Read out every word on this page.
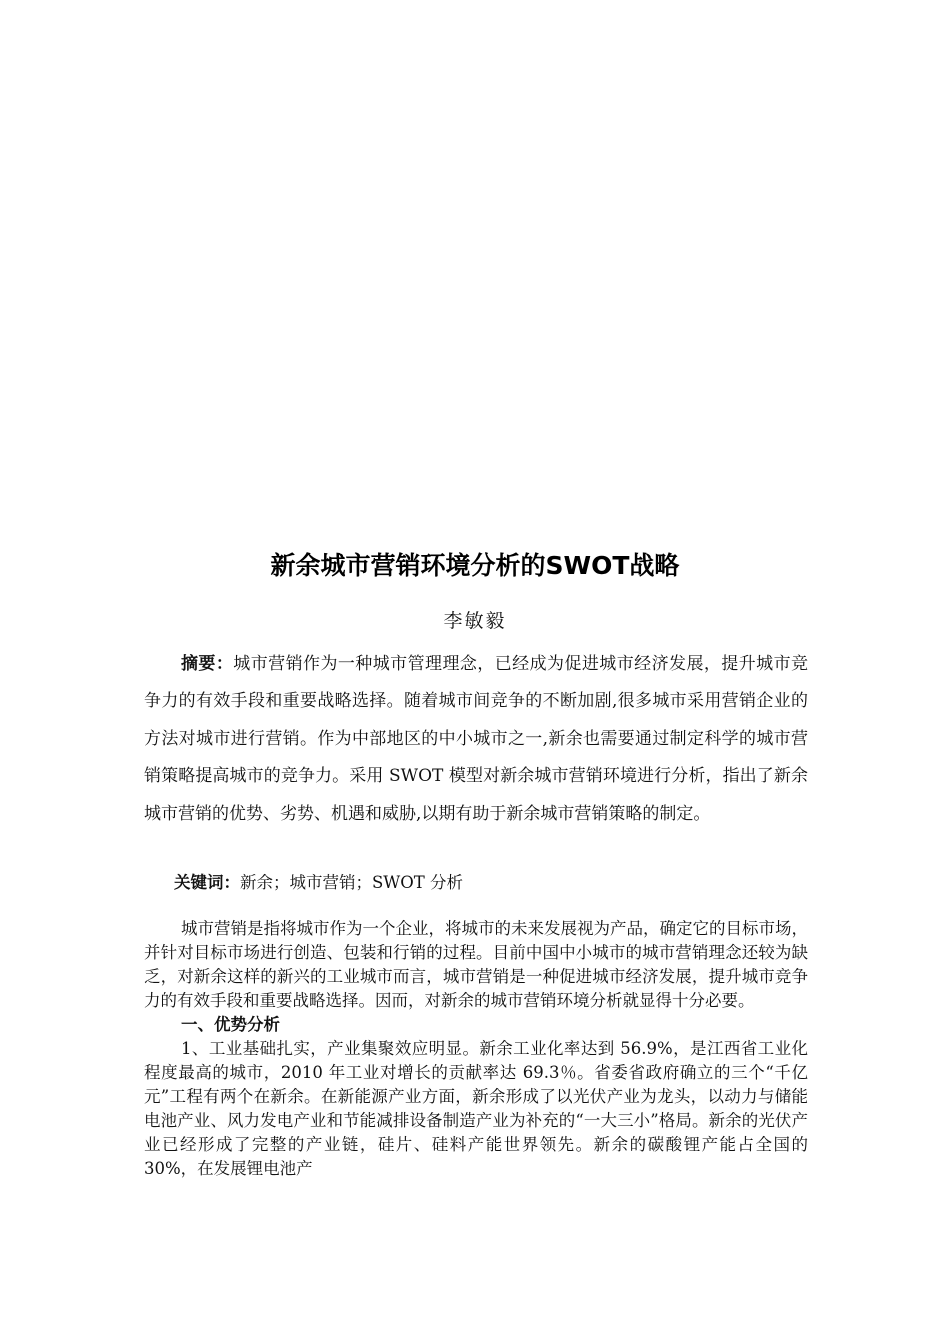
新余城市营销环境分析的SWOT战略
李敏毅
摘要：城市营销作为一种城市管理理念，已经成为促进城市经济发展，提升城市竞争力的有效手段和重要战略选择。随着城市间竞争的不断加剧,很多城市采用营销企业的方法对城市进行营销。作为中部地区的中小城市之一,新余也需要通过制定科学的城市营销策略提高城市的竞争力。采用 SWOT 模型对新余城市营销环境进行分析，指出了新余城市营销的优势、劣势、机遇和威胁,以期有助于新余城市营销策略的制定。
关键词：新余；城市营销；SWOT 分析

城市营销是指将城市作为一个企业，将城市的未来发展视为产品，确定它的目标市场，并针对目标市场进行创造、包装和行销的过程。目前中国中小城市的城市营销理念还较为缺乏，对新余这样的新兴的工业城市而言，城市营销是一种促进城市经济发展，提升城市竞争力的有效手段和重要战略选择。因而，对新余的城市营销环境分析就显得十分必要。

一、优势分析

1、工业基础扎实，产业集聚效应明显。新余工业化率达到 56.9%，是江西省工业化程度最高的城市，2010 年工业对增长的贡献率达 69.3％。省委省政府确立的三个“千亿元”工程有两个在新余。在新能源产业方面，新余形成了以光伏产业为龙头，以动力与储能电池产业、风力发电产业和节能减排设备制造产业为补充的“一大三小”格局。新余的光伏产业已经形成了完整的产业链，硅片、硅料产能世界领先。新余的碳酸锂产能占全国的 30%，在发展锂电池产
